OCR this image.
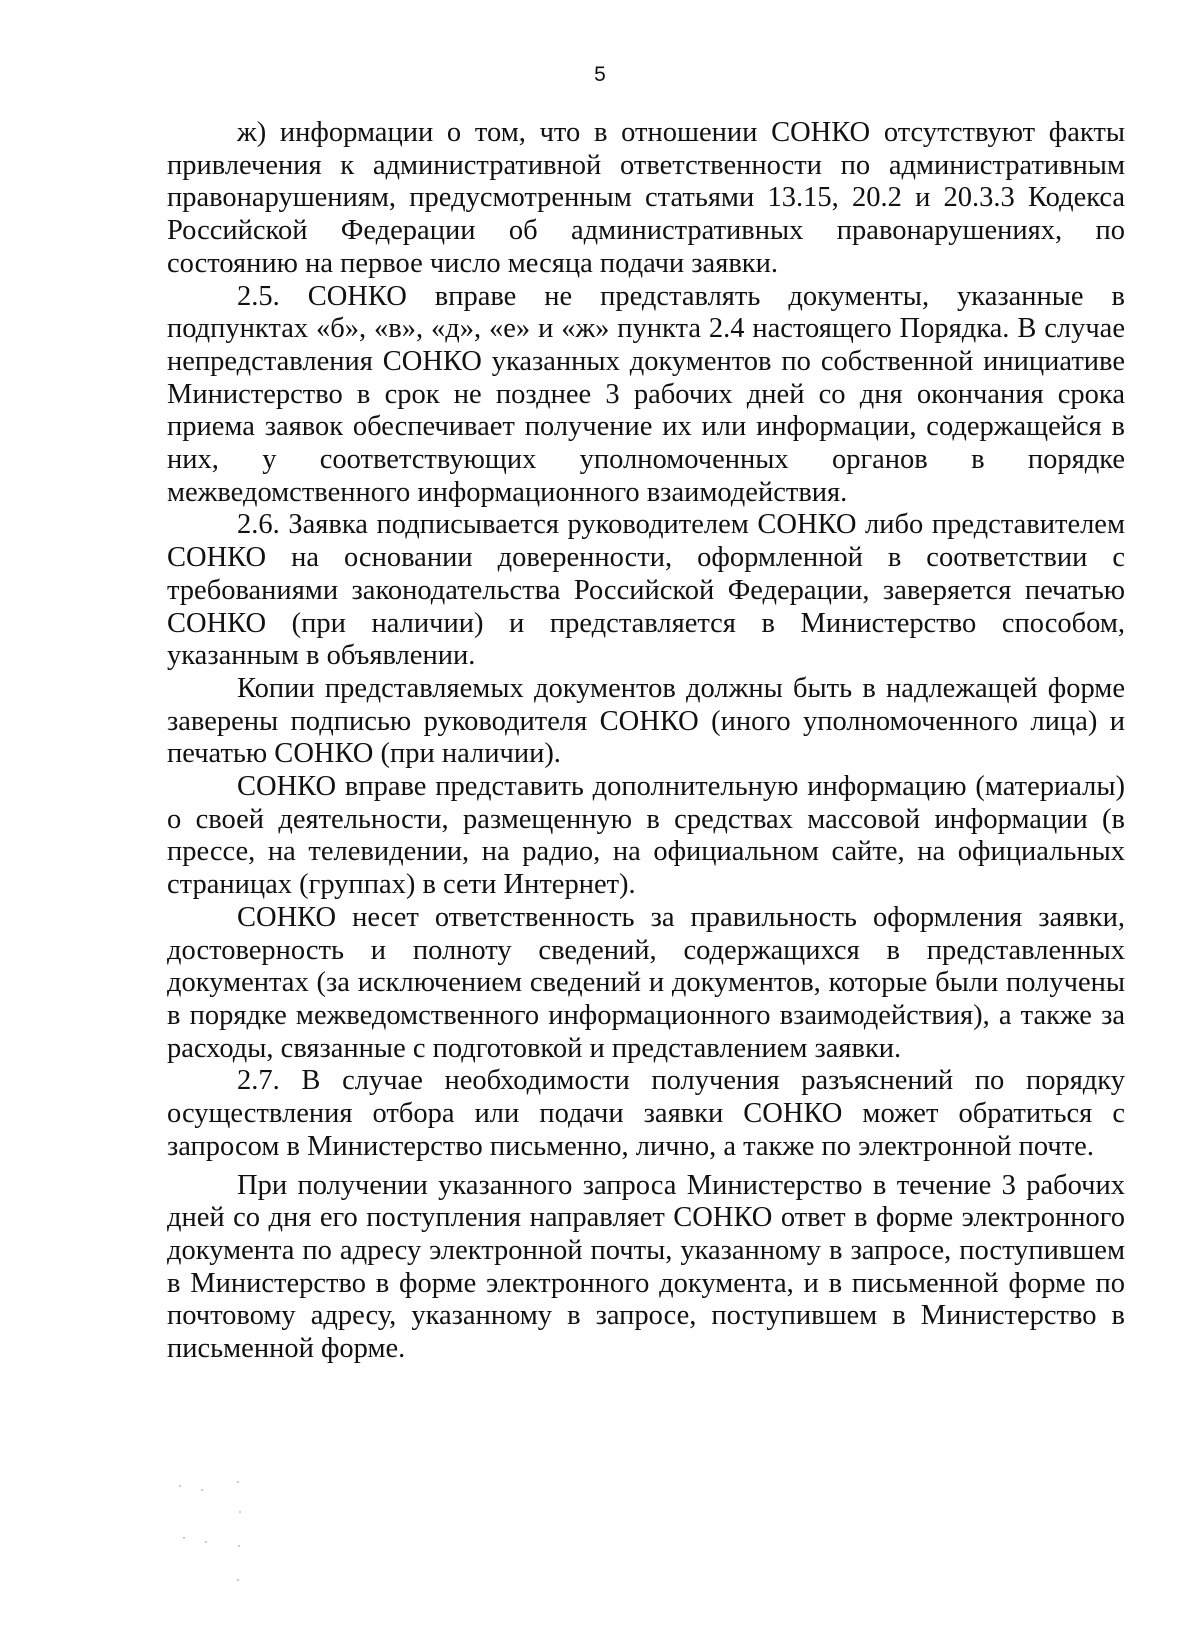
5

ж) информации о том, что в отношении СОНКО отсутствуют факты привлечения к административной ответственности по административным правонарушениям, предусмотренным статьями 13.15, 20.2 и 20.3.3 Кодекса Российской Федерации об административных правонарушениях, по состоянию на первое число месяца подачи заявки.

2.5. СОНКО вправе не представлять документы, указанные в подпунктах «б», «в», «д», «е» и «ж» пункта 2.4 настоящего Порядка. В случае непредставления СОНКО указанных документов по собственной инициативе Министерство в срок не позднее 3 рабочих дней со дня окончания срока приема заявок обеспечивает получение их или информации, содержащейся в них, у соответствующих уполномоченных органов в порядке межведомственного информационного взаимодействия.

2.6. Заявка подписывается руководителем СОНКО либо представителем СОНКО на основании доверенности, оформленной в соответствии с требованиями законодательства Российской Федерации, заверяется печатью СОНКО (при наличии) и представляется в Министерство способом, указанным в объявлении.

Копии представляемых документов должны быть в надлежащей форме заверены подписью руководителя СОНКО (иного уполномоченного лица) и печатью СОНКО (при наличии).

СОНКО вправе представить дополнительную информацию (материалы) о своей деятельности, размещенную в средствах массовой информации (в прессе, на телевидении, на радио, на официальном сайте, на официальных страницах (группах) в сети Интернет).

СОНКО несет ответственность за правильность оформления заявки, достоверность и полноту сведений, содержащихся в представленных документах (за исключением сведений и документов, которые были получены в порядке межведомственного информационного взаимодействия), а также за расходы, связанные с подготовкой и представлением заявки.

2.7. В случае необходимости получения разъяснений по порядку осуществления отбора или подачи заявки СОНКО может обратиться с запросом в Министерство письменно, лично, а также по электронной почте.

При получении указанного запроса Министерство в течение 3 рабочих дней со дня его поступления направляет СОНКО ответ в форме электронного документа по адресу электронной почты, указанному в запросе, поступившем в Министерство в форме электронного документа, и в письменной форме по почтовому адресу, указанному в запросе, поступившем в Министерство в письменной форме.
